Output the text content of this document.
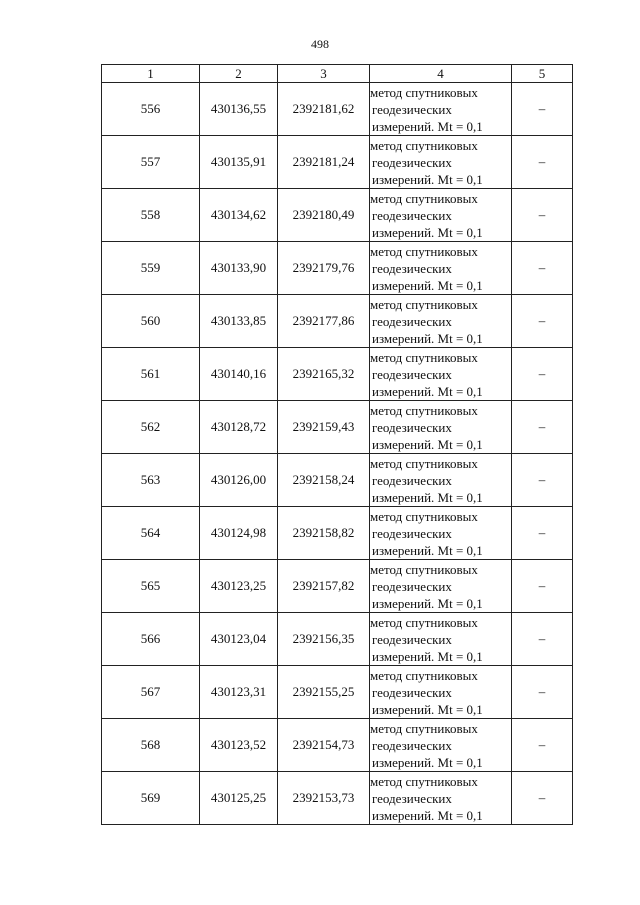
498
1	2	3	4	5
556	430136,55	2392181,62	метод спутниковых
геодезических
измерений. Mt = 0,1	–
557	430135,91	2392181,24	метод спутниковых
геодезических
измерений. Mt = 0,1	–
558	430134,62	2392180,49	метод спутниковых
геодезических
измерений. Mt = 0,1	–
559	430133,90	2392179,76	метод спутниковых
геодезических
измерений. Mt = 0,1	–
560	430133,85	2392177,86	метод спутниковых
геодезических
измерений. Mt = 0,1	–
561	430140,16	2392165,32	метод спутниковых
геодезических
измерений. Mt = 0,1	–
562	430128,72	2392159,43	метод спутниковых
геодезических
измерений. Mt = 0,1	–
563	430126,00	2392158,24	метод спутниковых
геодезических
измерений. Mt = 0,1	–
564	430124,98	2392158,82	метод спутниковых
геодезических
измерений. Mt = 0,1	–
565	430123,25	2392157,82	метод спутниковых
геодезических
измерений. Mt = 0,1	–
566	430123,04	2392156,35	метод спутниковых
геодезических
измерений. Mt = 0,1	–
567	430123,31	2392155,25	метод спутниковых
геодезических
измерений. Mt = 0,1	–
568	430123,52	2392154,73	метод спутниковых
геодезических
измерений. Mt = 0,1	–
569	430125,25	2392153,73	метод спутниковых
геодезических
измерений. Mt = 0,1	–
